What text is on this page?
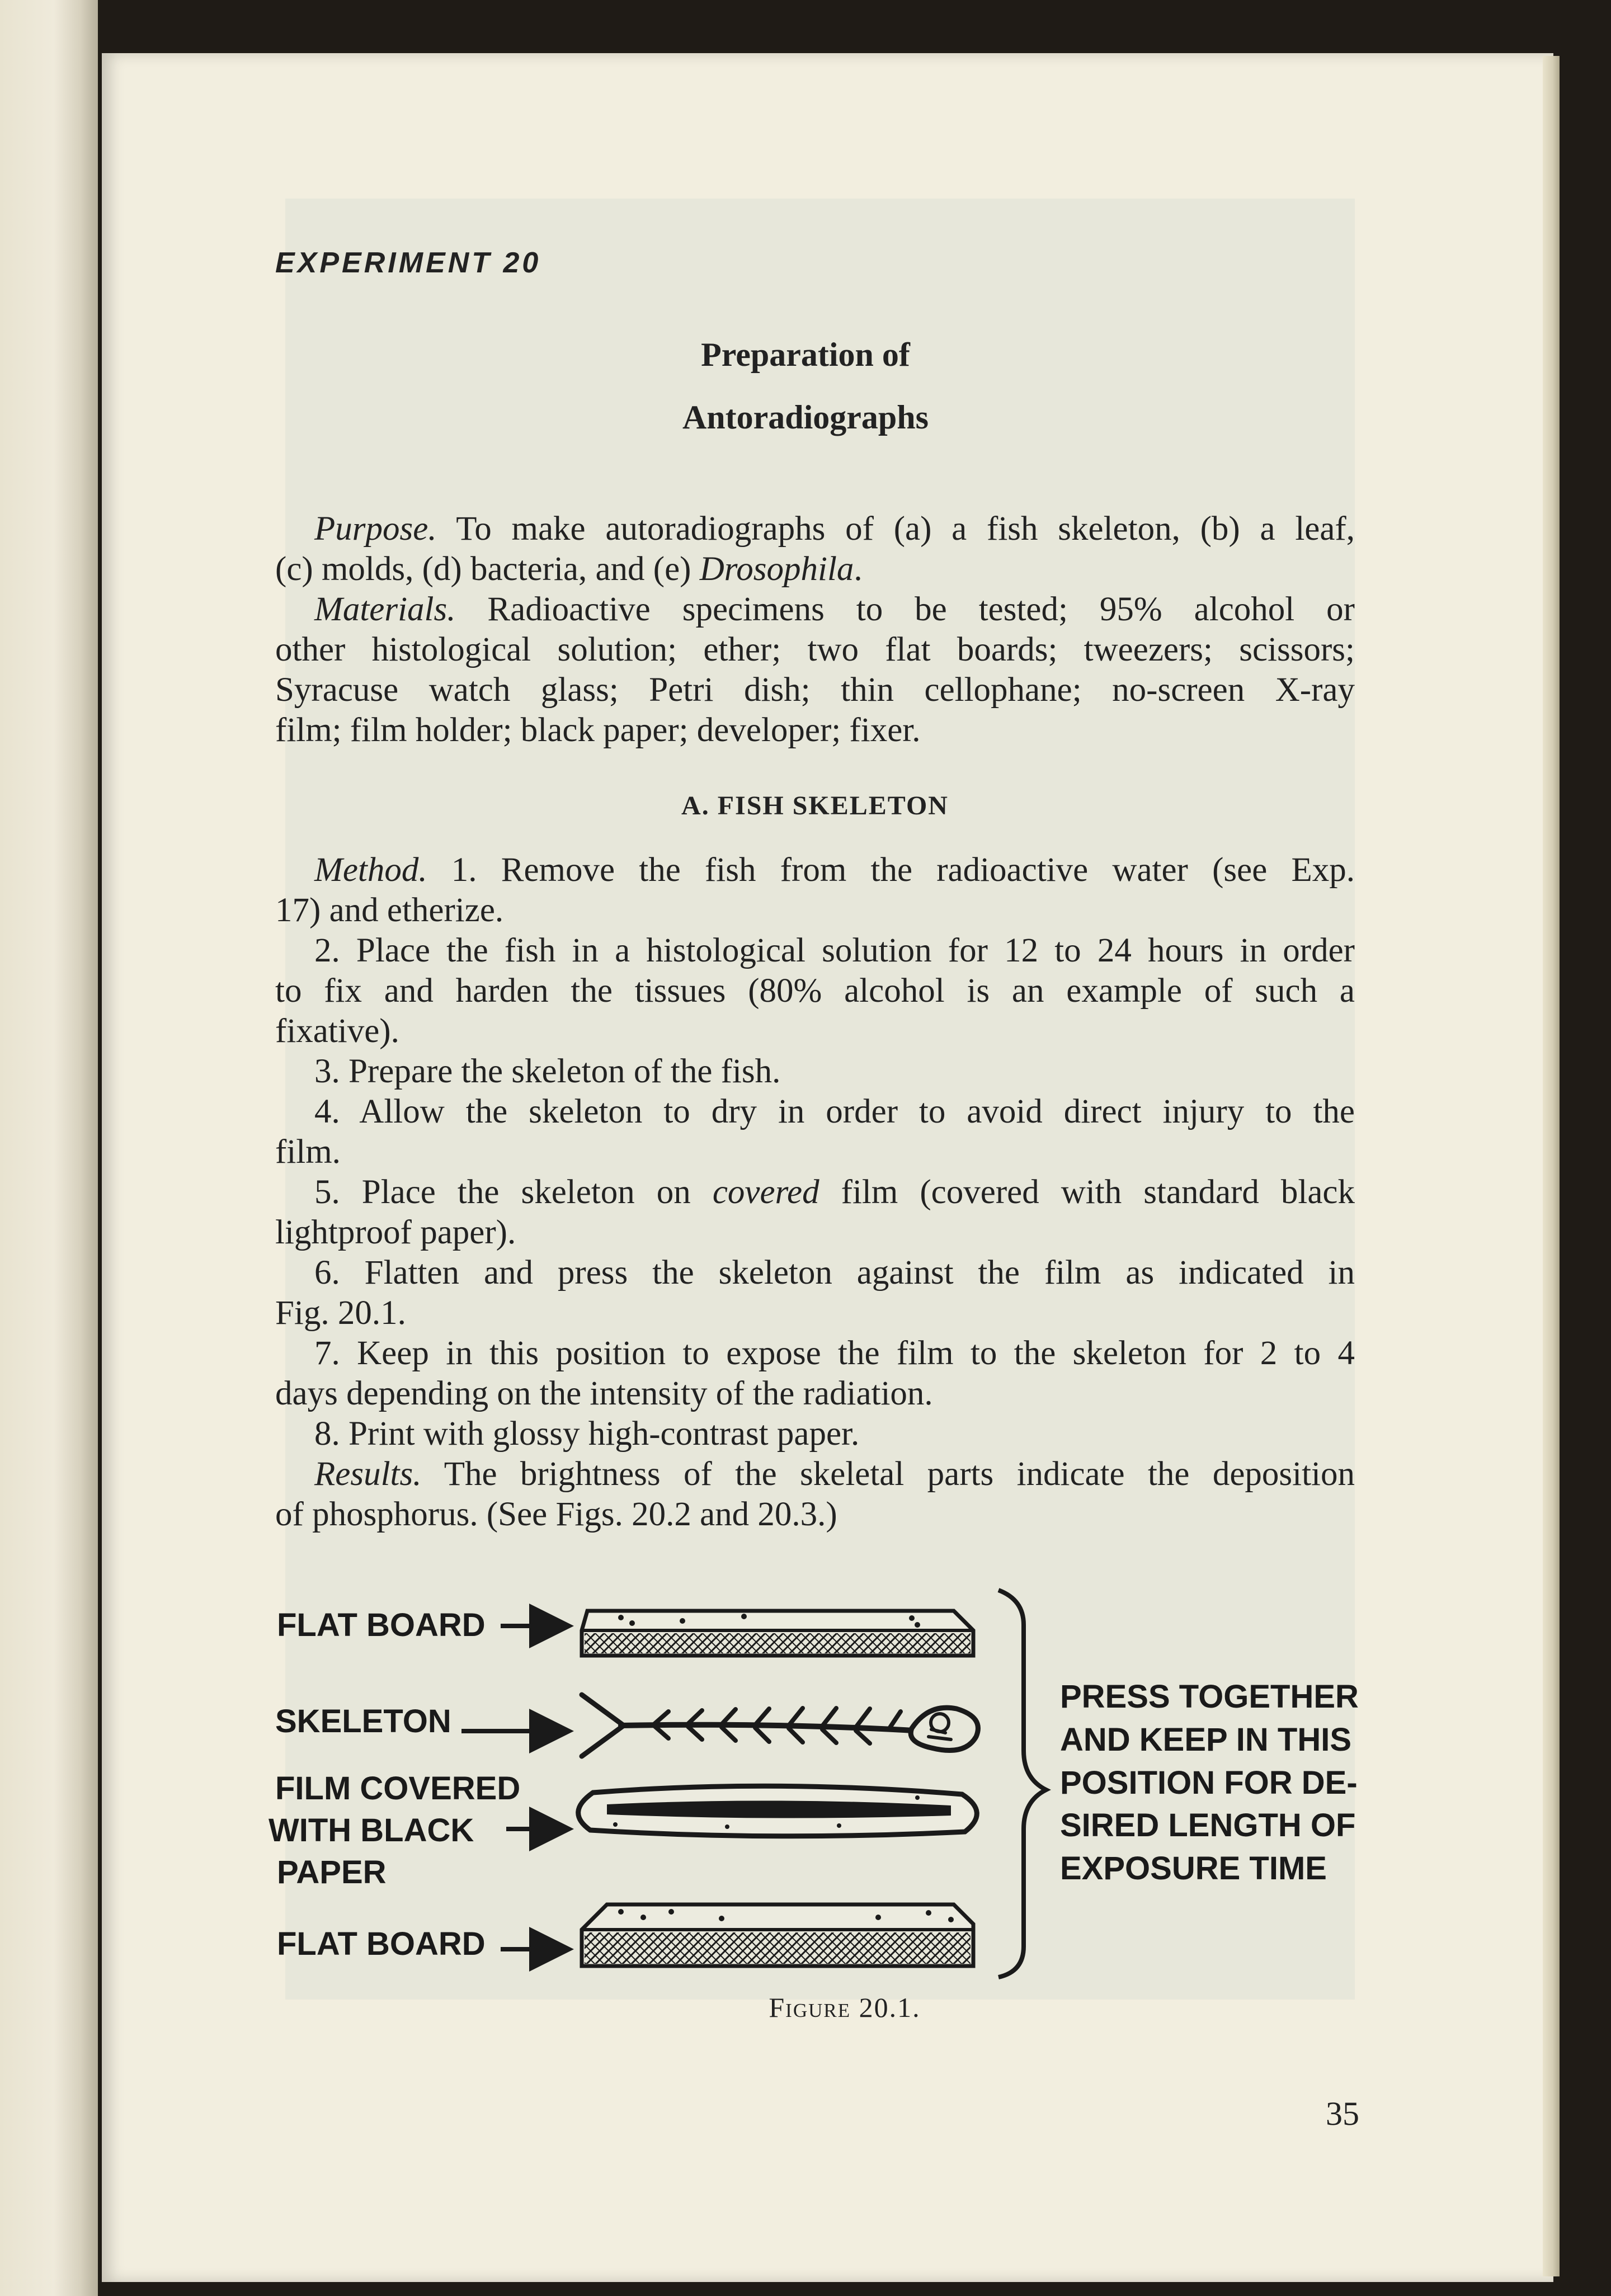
EXPERIMENT 20
Preparation of
Antoradiographs
Purpose. To make autoradiographs of (a) a fish skeleton, (b) a leaf,
(c) molds, (d) bacteria, and (e) Drosophila.
Materials. Radioactive specimens to be tested; 95% alcohol or
other histological solution; ether; two flat boards; tweezers; scissors;
Syracuse watch glass; Petri dish; thin cellophane; no-screen X-ray
film; film holder; black paper; developer; fixer.
A. FISH SKELETON
Method. 1. Remove the fish from the radioactive water (see Exp.
17) and etherize.
2. Place the fish in a histological solution for 12 to 24 hours in order
to fix and harden the tissues (80% alcohol is an example of such a
fixative).
3. Prepare the skeleton of the fish.
4. Allow the skeleton to dry in order to avoid direct injury to the
film.
5. Place the skeleton on covered film (covered with standard black
lightproof paper).
6. Flatten and press the skeleton against the film as indicated in
Fig. 20.1.
7. Keep in this position to expose the film to the skeleton for 2 to 4
days depending on the intensity of the radiation.
8. Print with glossy high-contrast paper.
Results. The brightness of the skeletal parts indicate the deposition
of phosphorus. (See Figs. 20.2 and 20.3.)
FLAT BOARD
SKELETON
FILM COVERED
WITH BLACK
PAPER
FLAT BOARD
PRESS TOGETHER
AND KEEP IN THIS
POSITION FOR DE-
SIRED LENGTH OF
EXPOSURE TIME
Figure 20.1.
35
